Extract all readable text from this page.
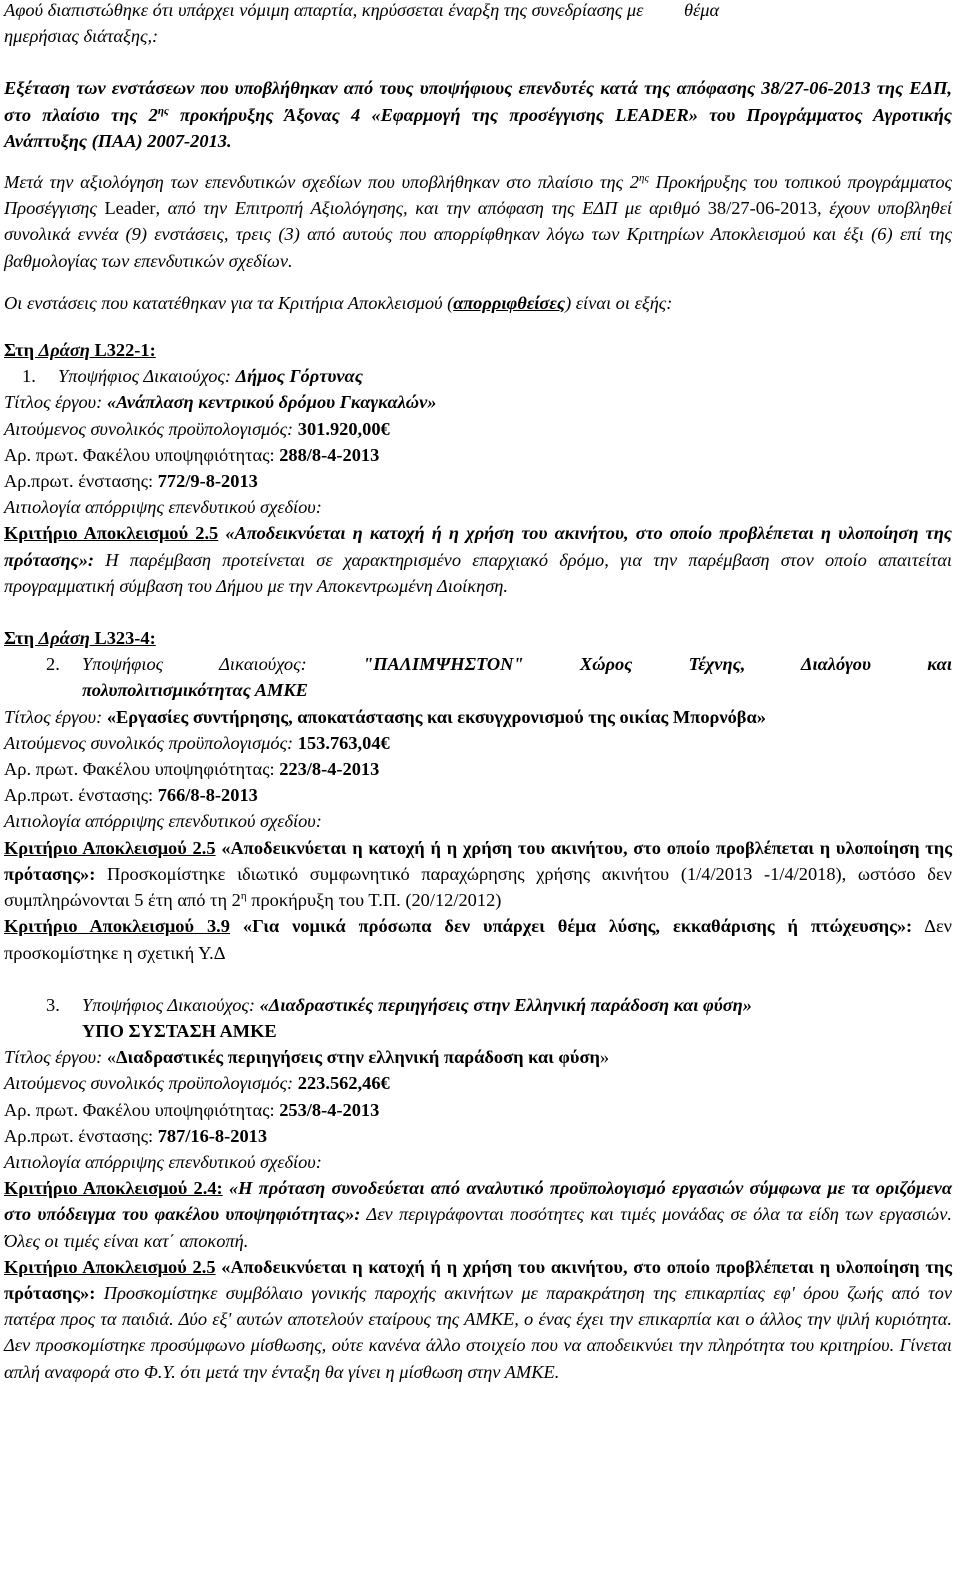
Αφού διαπιστώθηκε ότι υπάρχει νόμιμη απαρτία, κηρύσσεται έναρξη της συνεδρίασης με θέμα
ημερήσιας διάταξης,:

Εξέταση των ενστάσεων που υποβλήθηκαν από τους υποψήφιους επενδυτές κατά της απόφασης 38/27-06-2013 της ΕΔΠ, στο πλαίσιο της $2^{\eta\varsigma}$ προκήρυξης Άξονας 4 «Εφαρμογή της προσέγγισης LEADER» του Προγράμματος Αγροτικής Ανάπτυξης (ΠΑΑ) 2007-2013.

Μετά την αξιολόγηση των επενδυτικών σχεδίων που υποβλήθηκαν στο πλαίσιο της $2^{\eta\varsigma}$ Προκήρυξης του τοπικού προγράμματος Προσέγγισης Leader, από την Επιτροπή Αξιολόγησης, και την απόφαση της ΕΔΠ με αριθμό 38/27-06-2013, έχουν υποβληθεί συνολικά εννέα (9) ενστάσεις, τρεις (3) από αυτούς που απορρίφθηκαν λόγω των Κριτηρίων Αποκλεισμού και έξι (6) επί της βαθμολογίας των επενδυτικών σχεδίων.

Οι ενστάσεις που κατατέθηκαν για τα Κριτήρια Αποκλεισμού (απορριφθείσες) είναι οι εξής:

Στη Δράση L322-1:

1. Υποψήφιος Δικαιούχος: Δήμος Γόρτυνας

Τίτλος έργου: «Ανάπλαση κεντρικού δρόμου Γκαγκαλών»

Αιτούμενος συνολικός προϋπολογισμός: 301.920,00€

Αρ. πρωτ. Φακέλου υποψηφιότητας: 288/8-4-2013

Αρ.πρωτ. ένστασης: 772/9-8-2013

Αιτιολογία απόρριψης επενδυτικού σχεδίου:

Κριτήριο Αποκλεισμού 2.5 «Αποδεικνύεται η κατοχή ή η χρήση του ακινήτου, στο οποίο προβλέπεται η υλοποίηση της πρότασης»: Η παρέμβαση προτείνεται σε χαρακτηρισμένο επαρχιακό δρόμο, για την παρέμβαση στον οποίο απαιτείται προγραμματική σύμβαση του Δήμου με την Αποκεντρωμένη Διοίκηση.

Στη Δράση L323-4:

2.	Υποψήφιος Δικαιούχος:	"ΠΑΛΙΜΨΗΣΤΟΝ" Χώρος Τέχνης, Διαλόγου και

πολυπολιτισμικότητας ΑΜΚΕ

Τίτλος έργου: «Εργασίες συντήρησης, αποκατάστασης και εκσυγχρονισμού της οικίας Μπορνόβα»

Αιτούμενος συνολικός προϋπολογισμός: 153.763,04€

Αρ. πρωτ. Φακέλου υποψηφιότητας: 223/8-4-2013

Αρ.πρωτ. ένστασης: 766/8-8-2013

Αιτιολογία απόρριψης επενδυτικού σχεδίου:

Κριτήριο Αποκλεισμού 2.5 «Αποδεικνύεται η κατοχή ή η χρήση του ακινήτου, στο οποίο προβλέπεται η υλοποίηση της πρότασης»: Προσκομίστηκε ιδιωτικό συμφωνητικό παραχώρησης χρήσης ακινήτου (1/4/2013 -1/4/2018), ωστόσο δεν συμπληρώνονται 5 έτη από τη $2^\eta$ προκήρυξη του Τ.Π. (20/12/2012)

Κριτήριο Αποκλεισμού 3.9 «Για νομικά πρόσωπα δεν υπάρχει θέμα λύσης, εκκαθάρισης ή πτώχευσης»: Δεν προσκομίστηκε η σχετική Υ.Δ

3.	Υποψήφιος Δικαιούχος: «Διαδραστικές περιηγήσεις στην Ελληνική παράδοση και φύση»

ΥΠΟ ΣΥΣΤΑΣΗ ΑΜΚΕ

Τίτλος έργου: «Διαδραστικές περιηγήσεις στην ελληνική παράδοση και φύση»

Αιτούμενος συνολικός προϋπολογισμός: 223.562,46€

Αρ. πρωτ. Φακέλου υποψηφιότητας: 253/8-4-2013

Αρ.πρωτ. ένστασης: 787/16-8-2013

Αιτιολογία απόρριψης επενδυτικού σχεδίου:

Κριτήριο Αποκλεισμού 2.4: «Η πρόταση συνοδεύεται από αναλυτικό προϋπολογισμό εργασιών σύμφωνα με τα οριζόμενα στο υπόδειγμα του φακέλου υποψηφιότητας»: Δεν περιγράφονται ποσότητες και τιμές μονάδας σε όλα τα είδη των εργασιών. Όλες οι τιμές είναι κατ΄ αποκοπή.

Κριτήριο Αποκλεισμού 2.5 «Αποδεικνύεται η κατοχή ή η χρήση του ακινήτου, στο οποίο προβλέπεται η υλοποίηση της πρότασης»: Προσκομίστηκε συμβόλαιο γονικής παροχής ακινήτων με παρακράτηση της επικαρπίας εφ' όρου ζωής από τον πατέρα προς τα παιδιά. Δύο εξ' αυτών αποτελούν εταίρους της ΑΜΚΕ, ο ένας έχει την επικαρπία και ο άλλος την ψιλή κυριότητα. Δεν προσκομίστηκε προσύμφωνο μίσθωσης, ούτε κανένα άλλο στοιχείο που να αποδεικνύει την πληρότητα του κριτηρίου. Γίνεται απλή αναφορά στο Φ.Υ. ότι μετά την ένταξη θα γίνει η μίσθωση στην ΑΜΚΕ.
